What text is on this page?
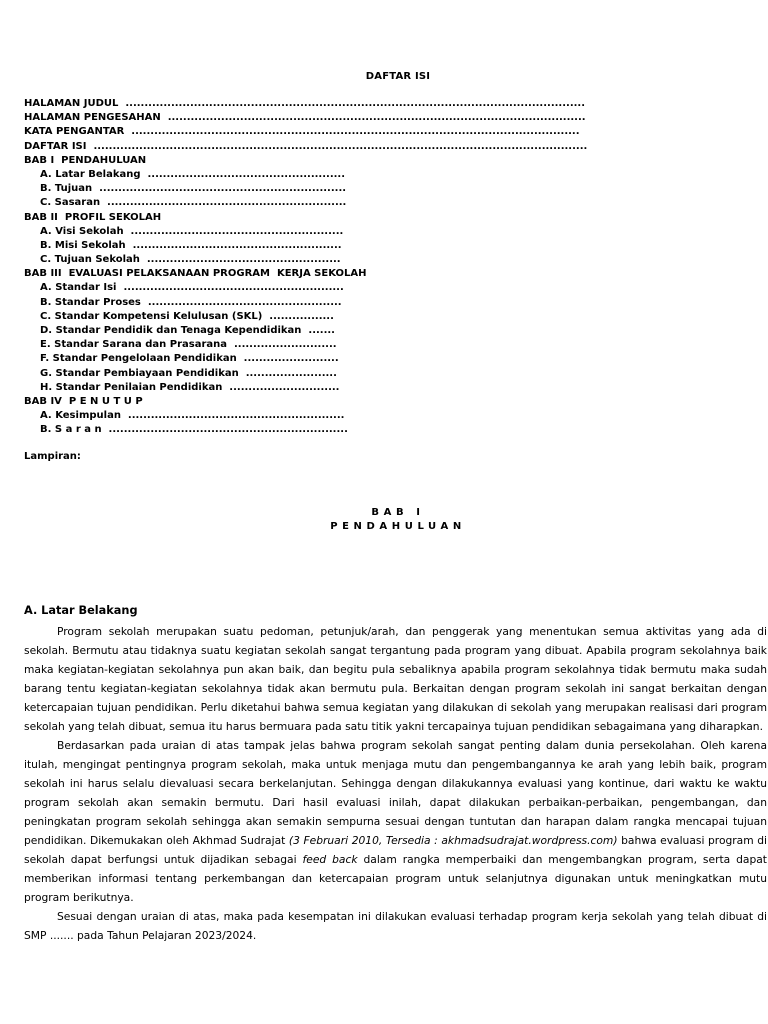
DAFTAR ISI
HALAMAN JUDUL  .........................................................................................................................
HALAMAN PENGESAHAN  ..............................................................................................................
KATA PENGANTAR  ......................................................................................................................
DAFTAR ISI  ..................................................................................................................................
BAB I  PENDAHULUAN
A. Latar Belakang  ....................................................
B. Tujuan  .................................................................
C. Sasaran  ...............................................................
BAB II  PROFIL SEKOLAH
A. Visi Sekolah  ........................................................
B. Misi Sekolah  .......................................................
C. Tujuan Sekolah  ...................................................
BAB III  EVALUASI PELAKSANAAN PROGRAM  KERJA SEKOLAH
A. Standar Isi  ..........................................................
B. Standar Proses  ...................................................
C. Standar Kompetensi Kelulusan (SKL)  .................
D. Standar Pendidik dan Tenaga Kependidikan  .......
E. Standar Sarana dan Prasarana  ...........................
F. Standar Pengelolaan Pendidikan  .........................
G. Standar Pembiayaan Pendidikan  ........................
H. Standar Penilaian Pendidikan  .............................
BAB IV  P E N U T U P
A. Kesimpulan  .........................................................
B. S a r a n  ...............................................................
Lampiran:
BAB I
PENDAHULUAN
A. Latar Belakang

Program sekolah merupakan suatu pedoman, petunjuk/arah, dan penggerak yang menentukan semua aktivitas yang ada di sekolah. Bermutu atau tidaknya suatu kegiatan sekolah sangat tergantung pada program yang dibuat. Apabila program sekolahnya baik maka kegiatan-kegiatan sekolahnya pun akan baik, dan begitu pula sebaliknya apabila program sekolahnya tidak bermutu maka sudah barang tentu kegiatan-kegiatan sekolahnya tidak akan bermutu pula. Berkaitan dengan program sekolah ini sangat berkaitan dengan ketercapaian tujuan pendidikan. Perlu diketahui bahwa semua kegiatan yang dilakukan di sekolah yang merupakan realisasi dari program sekolah yang telah dibuat, semua itu harus bermuara pada satu titik yakni tercapainya tujuan pendidikan sebagaimana yang diharapkan.

Berdasarkan pada uraian di atas tampak jelas bahwa program sekolah sangat penting dalam dunia persekolahan. Oleh karena itulah, mengingat pentingnya program sekolah, maka untuk menjaga mutu dan pengembangannya ke arah yang lebih baik, program sekolah ini harus selalu dievaluasi secara berkelanjutan. Sehingga dengan dilakukannya evaluasi yang kontinue, dari waktu ke waktu program sekolah akan semakin bermutu. Dari hasil evaluasi inilah, dapat dilakukan perbaikan-perbaikan, pengembangan, dan peningkatan program sekolah sehingga akan semakin sempurna sesuai dengan tuntutan dan harapan dalam rangka mencapai tujuan pendidikan. Dikemukakan oleh Akhmad Sudrajat (3 Februari 2010, Tersedia : akhmadsudrajat.wordpress.com) bahwa evaluasi program di sekolah dapat berfungsi untuk dijadikan sebagai feed back dalam rangka memperbaiki dan mengembangkan program, serta dapat memberikan informasi tentang perkembangan dan ketercapaian program untuk selanjutnya digunakan untuk meningkatkan mutu program berikutnya.

Sesuai dengan uraian di atas, maka pada kesempatan ini dilakukan evaluasi terhadap program kerja sekolah yang telah dibuat di SMP ....... pada Tahun Pelajaran 2023/2024.
